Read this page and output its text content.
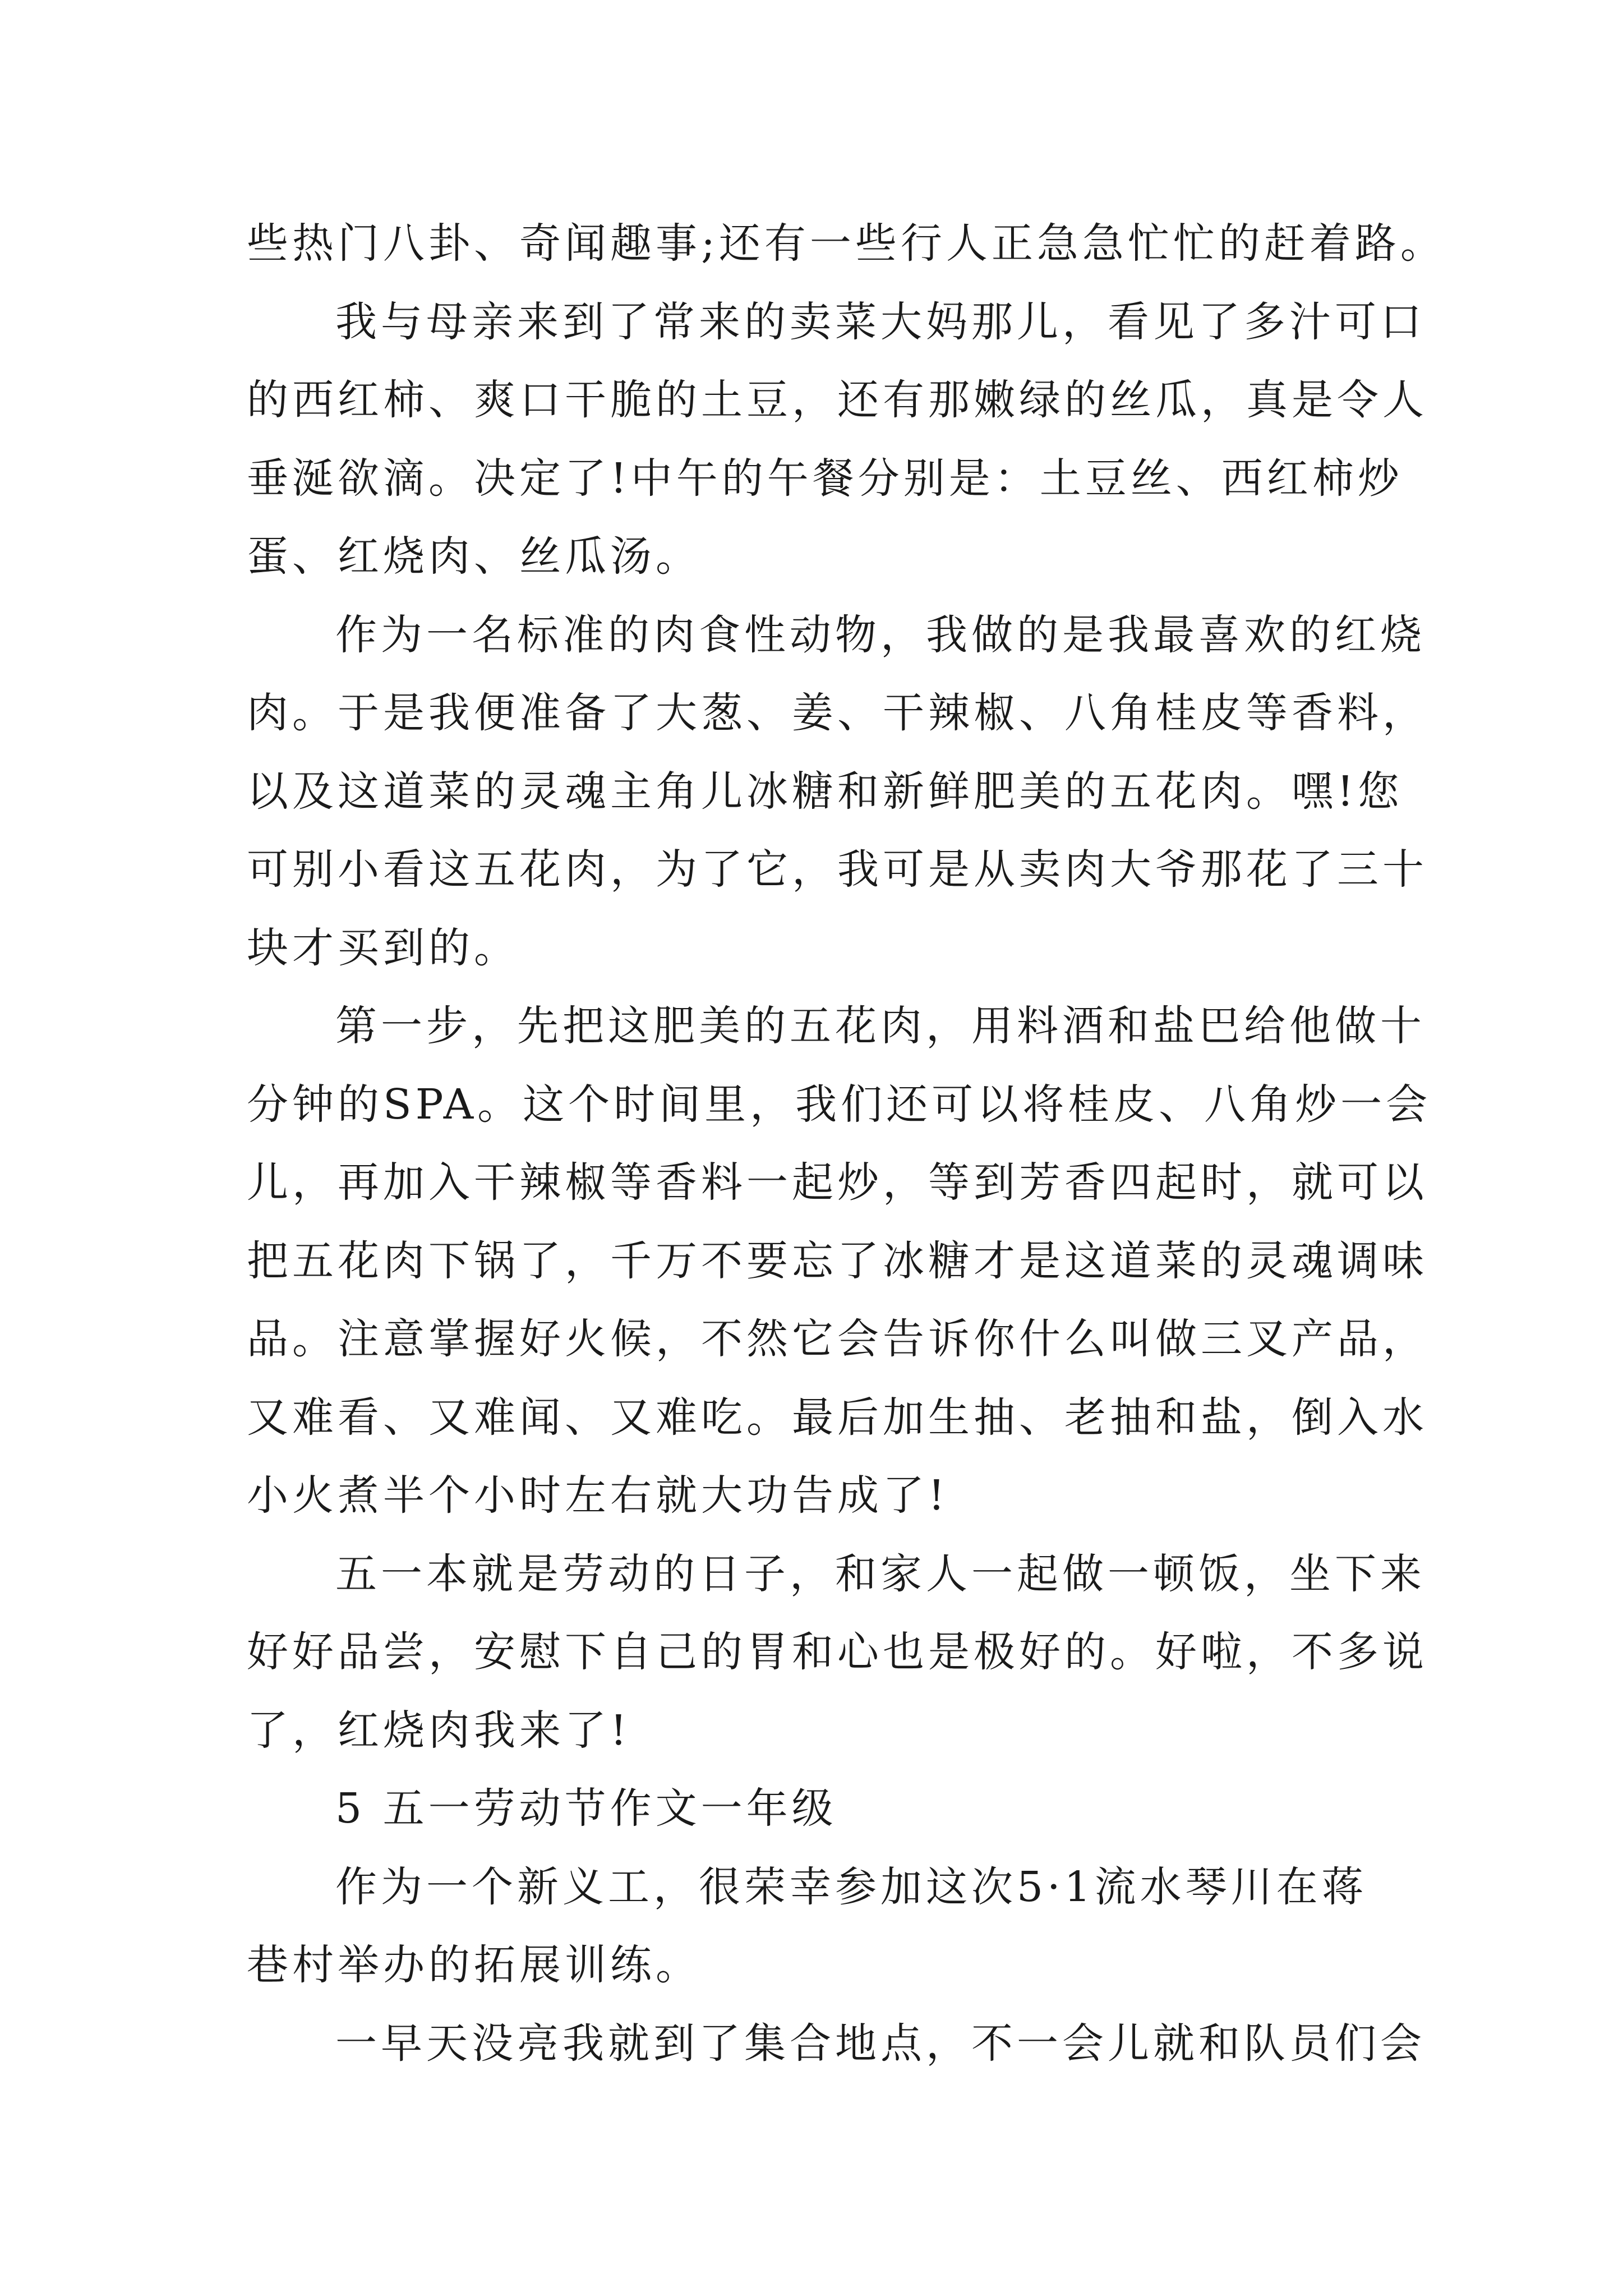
些热门八卦、奇闻趣事;还有一些行人正急急忙忙的赶着路。
我与母亲来到了常来的卖菜大妈那儿，看见了多汁可口
的西红柿、爽口干脆的土豆，还有那嫩绿的丝瓜，真是令人
垂涎欲滴。决定了!中午的午餐分别是：土豆丝、西红柿炒
蛋、红烧肉、丝瓜汤。
作为一名标准的肉食性动物，我做的是我最喜欢的红烧
肉。于是我便准备了大葱、姜、干辣椒、八角桂皮等香料，
以及这道菜的灵魂主角儿冰糖和新鲜肥美的五花肉。嘿!您
可别小看这五花肉，为了它，我可是从卖肉大爷那花了三十
块才买到的。
第一步，先把这肥美的五花肉，用料酒和盐巴给他做十
分钟的SPA。这个时间里，我们还可以将桂皮、八角炒一会
儿，再加入干辣椒等香料一起炒，等到芳香四起时，就可以
把五花肉下锅了，千万不要忘了冰糖才是这道菜的灵魂调味
品。注意掌握好火候，不然它会告诉你什么叫做三叉产品，
又难看、又难闻、又难吃。最后加生抽、老抽和盐，倒入水
小火煮半个小时左右就大功告成了!
五一本就是劳动的日子，和家人一起做一顿饭，坐下来
好好品尝，安慰下自己的胃和心也是极好的。好啦，不多说
了，红烧肉我来了!
5 五一劳动节作文一年级
作为一个新义工，很荣幸参加这次5·1流水琴川在蒋
巷村举办的拓展训练。
一早天没亮我就到了集合地点，不一会儿就和队员们会
